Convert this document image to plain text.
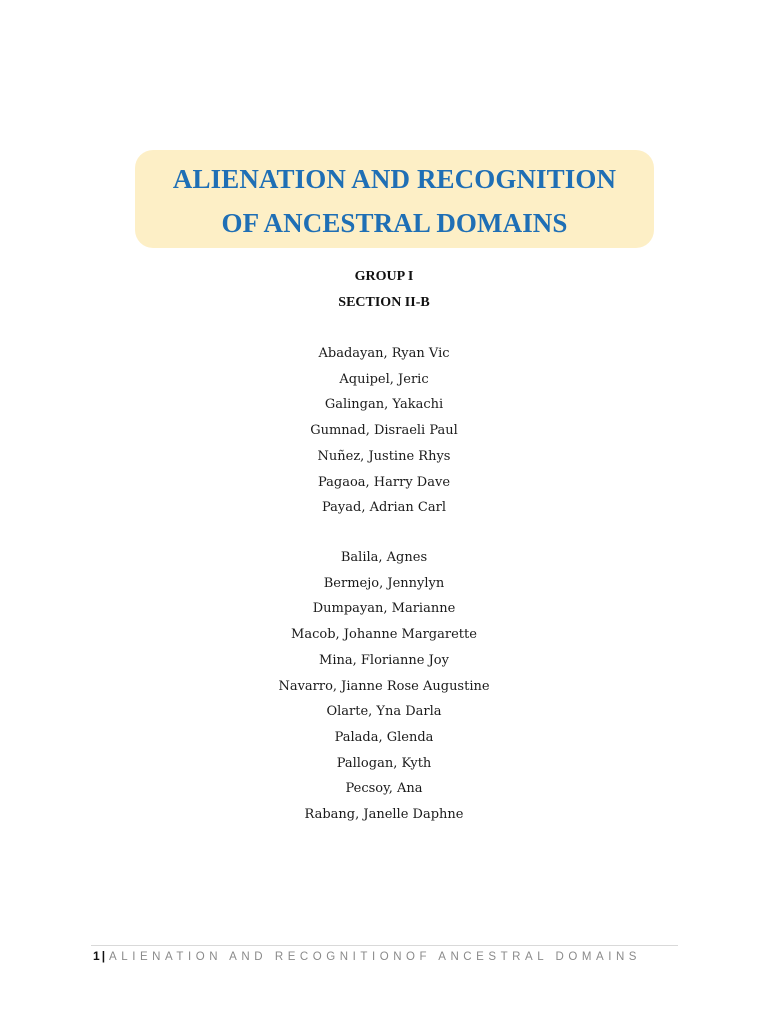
ALIENATION AND RECOGNITION
OF ANCESTRAL DOMAINS
GROUP I
SECTION II-B
Abadayan, Ryan Vic
Aquipel, Jeric
Galingan, Yakachi
Gumnad, Disraeli Paul
Nuñez, Justine Rhys
Pagaoa, Harry Dave
Payad, Adrian Carl
Balila, Agnes
Bermejo, Jennylyn
Dumpayan, Marianne
Macob, Johanne Margarette
Mina, Florianne Joy
Navarro, Jianne Rose Augustine
Olarte, Yna Darla
Palada, Glenda
Pallogan, Kyth
Pecsoy, Ana
Rabang, Janelle Daphne
1 | ALIENATION AND RECOGNITIONOF ANCESTRAL DOMAINS
